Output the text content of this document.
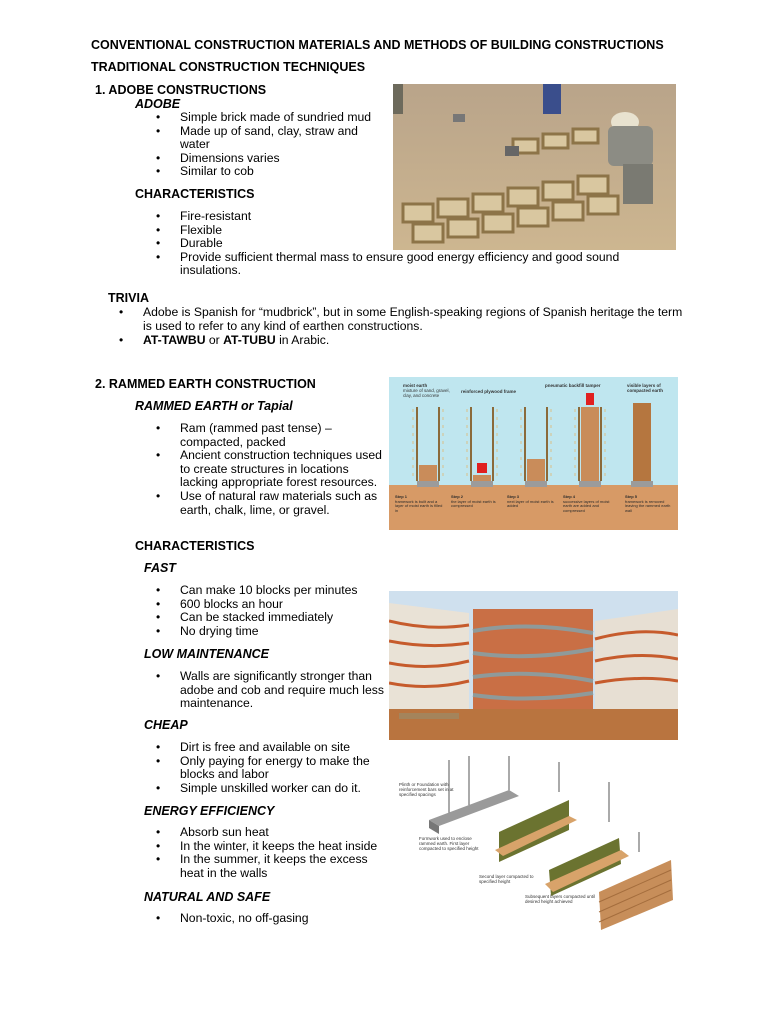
CONVENTIONAL CONSTRUCTION MATERIALS AND METHODS OF BUILDING CONSTRUCTIONS
TRADITIONAL CONSTRUCTION TECHNIQUES
1. ADOBE CONSTRUCTIONS
ADOBE
• Simple brick made of sundried mud
• Made up of sand, clay, straw and water
• Dimensions varies
• Similar to cob
CHARACTERISTICS
• Fire-resistant
• Flexible
• Durable
• Provide sufficient thermal mass to ensure good energy efficiency and good sound insulations.
TRIVIA
• Adobe is Spanish for “mudbrick”, but in some English-speaking regions of Spanish heritage the term is used to refer to any kind of earthen constructions.
• AT-TAWBU or AT-TUBU in Arabic.
2. RAMMED EARTH CONSTRUCTION
RAMMED EARTH or Tapial
• Ram (rammed past tense) – compacted, packed
• Ancient construction techniques used to create structures in locations lacking appropriate forest resources.
• Use of natural raw materials such as earth, chalk, lime, or gravel.
CHARACTERISTICS
FAST
• Can make 10 blocks per minutes
• 600 blocks an hour
• Can be stacked immediately
• No drying time
LOW MAINTENANCE
• Walls are significantly stronger than adobe and cob and require much less maintenance.
CHEAP
• Dirt is free and available on site
• Only paying for energy to make the blocks and labor
• Simple unskilled worker can do it.
ENERGY EFFICIENCY
• Absorb sun heat
• In the winter, it keeps the heat inside
• In the summer, it keeps the excess heat in the walls
NATURAL AND SAFE
• Non-toxic, no off-gasing
moist earth
mixture of sand, gravel, clay, and concrete
reinforced plywood frame
pneumatic backfill tamper	visible layers of compacted earth
Step 1
framework is built and a layer of moist earth is filled in
Step 2
the layer of moist earth is compressed
Step 3
next layer of moist earth is added
Step 4
successive layers of moist earth are added and compressed
Step 5
framework is removed leaving the rammed earth wall
Plinth or Foundation with reinforcement bars set in at specified spacings
Formwork used to enclose rammed earth. First layer compacted to specified height
Second layer compacted to specified height
Subsequent layers compacted until desired height achieved
